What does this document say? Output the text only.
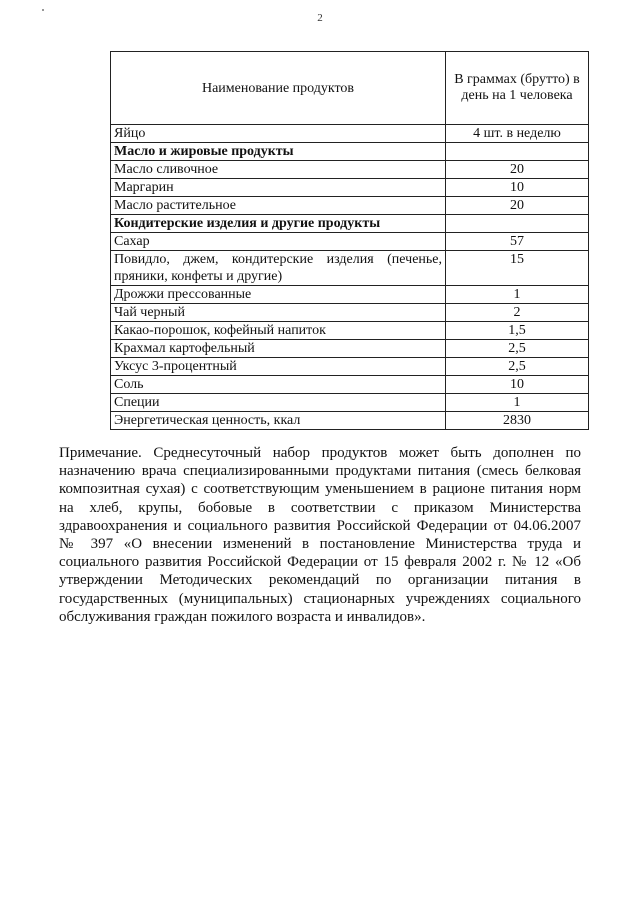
2
Наименование продуктов	В граммах (брутто) в день на 1 человека
Яйцо	4 шт. в неделю
Масло и жировые продукты	
Масло сливочное	20
Маргарин	10
Масло растительное	20
Кондитерские изделия и другие продукты	
Сахар	57
Повидло, джем, кондитерские изделия (печенье, пряники, конфеты и другие)	15
Дрожжи прессованные	1
Чай черный	2
Какао-порошок, кофейный напиток	1,5
Крахмал картофельный	2,5
Уксус 3-процентный	2,5
Соль	10
Специи	1
Энергетическая ценность, ккал	2830
Примечание. Среднесуточный набор продуктов может быть дополнен по назначению врача специализированными продуктами питания (смесь белковая композитная сухая) с соответствующим уменьшением в рационе питания норм на хлеб, крупы, бобовые в соответствии с приказом Министерства здравоохранения и социального развития Российской Федерации от 04.06.2007 № 397 «О внесении изменений в постановление Министерства труда и социального развития Российской Федерации от 15 февраля 2002 г. № 12 «Об утверждении Методических рекомендаций по организации питания в государственных (муниципальных) стационарных учреждениях социального обслуживания граждан пожилого возраста и инвалидов».
